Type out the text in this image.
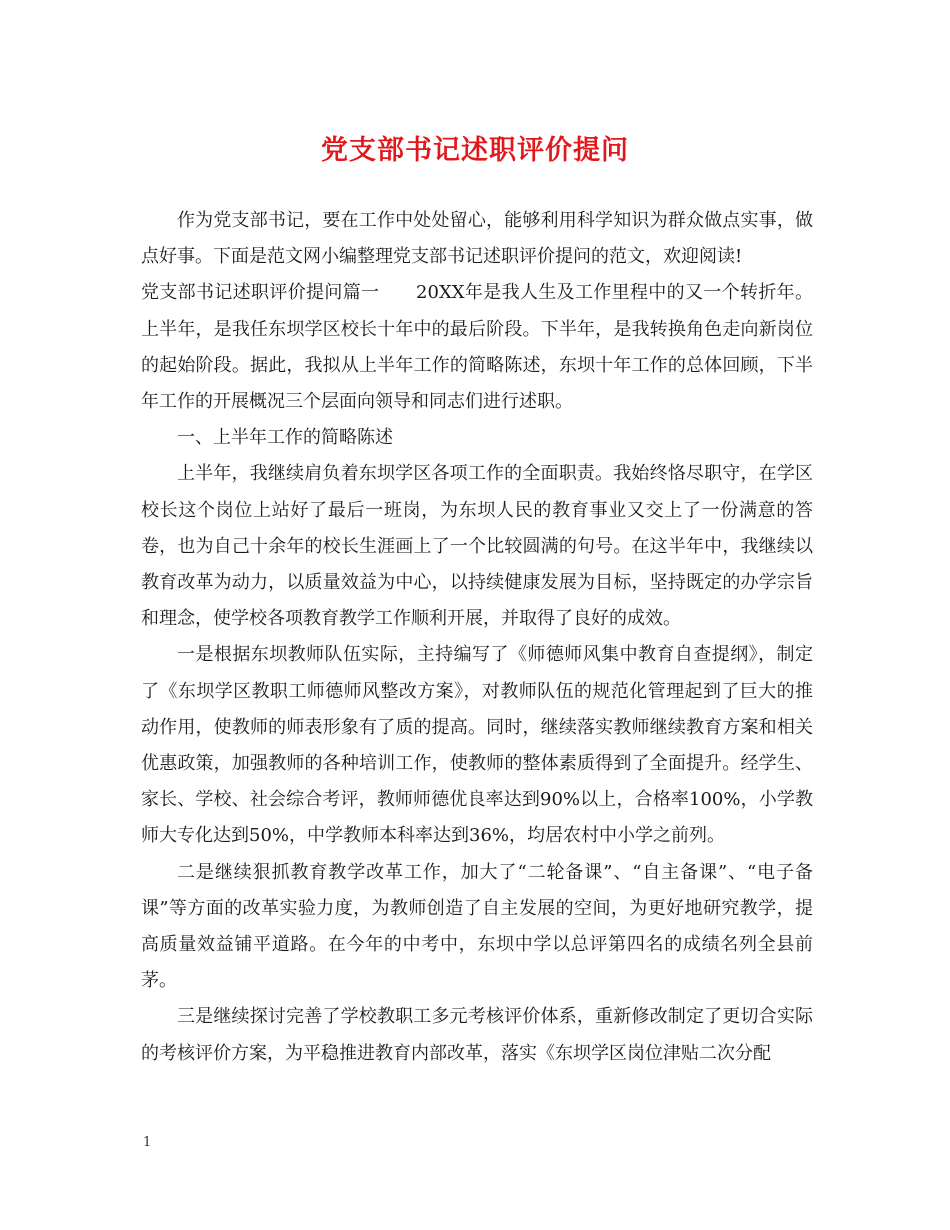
党支部书记述职评价提问

作为党支部书记，要在工作中处处留心，能够利用科学知识为群众做点实事，做点好事。下面是范文网小编整理党支部书记述职评价提问的范文，欢迎阅读!

党支部书记述职评价提问篇一　　20XX年是我人生及工作里程中的又一个转折年。上半年，是我任东坝学区校长十年中的最后阶段。下半年，是我转换角色走向新岗位的起始阶段。据此，我拟从上半年工作的简略陈述，东坝十年工作的总体回顾，下半年工作的开展概况三个层面向领导和同志们进行述职。

一、上半年工作的简略陈述

上半年，我继续肩负着东坝学区各项工作的全面职责。我始终恪尽职守，在学区校长这个岗位上站好了最后一班岗，为东坝人民的教育事业又交上了一份满意的答卷，也为自己十余年的校长生涯画上了一个比较圆满的句号。在这半年中，我继续以教育改革为动力，以质量效益为中心，以持续健康发展为目标，坚持既定的办学宗旨和理念，使学校各项教育教学工作顺利开展，并取得了良好的成效。

一是根据东坝教师队伍实际，主持编写了《师德师风集中教育自查提纲》，制定了《东坝学区教职工师德师风整改方案》，对教师队伍的规范化管理起到了巨大的推动作用，使教师的师表形象有了质的提高。同时，继续落实教师继续教育方案和相关优惠政策，加强教师的各种培训工作，使教师的整体素质得到了全面提升。经学生、家长、学校、社会综合考评，教师师德优良率达到90%以上，合格率100%，小学教师大专化达到50%，中学教师本科率达到36%，均居农村中小学之前列。

二是继续狠抓教育教学改革工作，加大了“二轮备课”、“自主备课”、“电子备课”等方面的改革实验力度，为教师创造了自主发展的空间，为更好地研究教学，提高质量效益铺平道路。在今年的中考中，东坝中学以总评第四名的成绩名列全县前茅。

三是继续探讨完善了学校教职工多元考核评价体系，重新修改制定了更切合实际的考核评价方案，为平稳推进教育内部改革，落实《东坝学区岗位津贴二次分配

1
